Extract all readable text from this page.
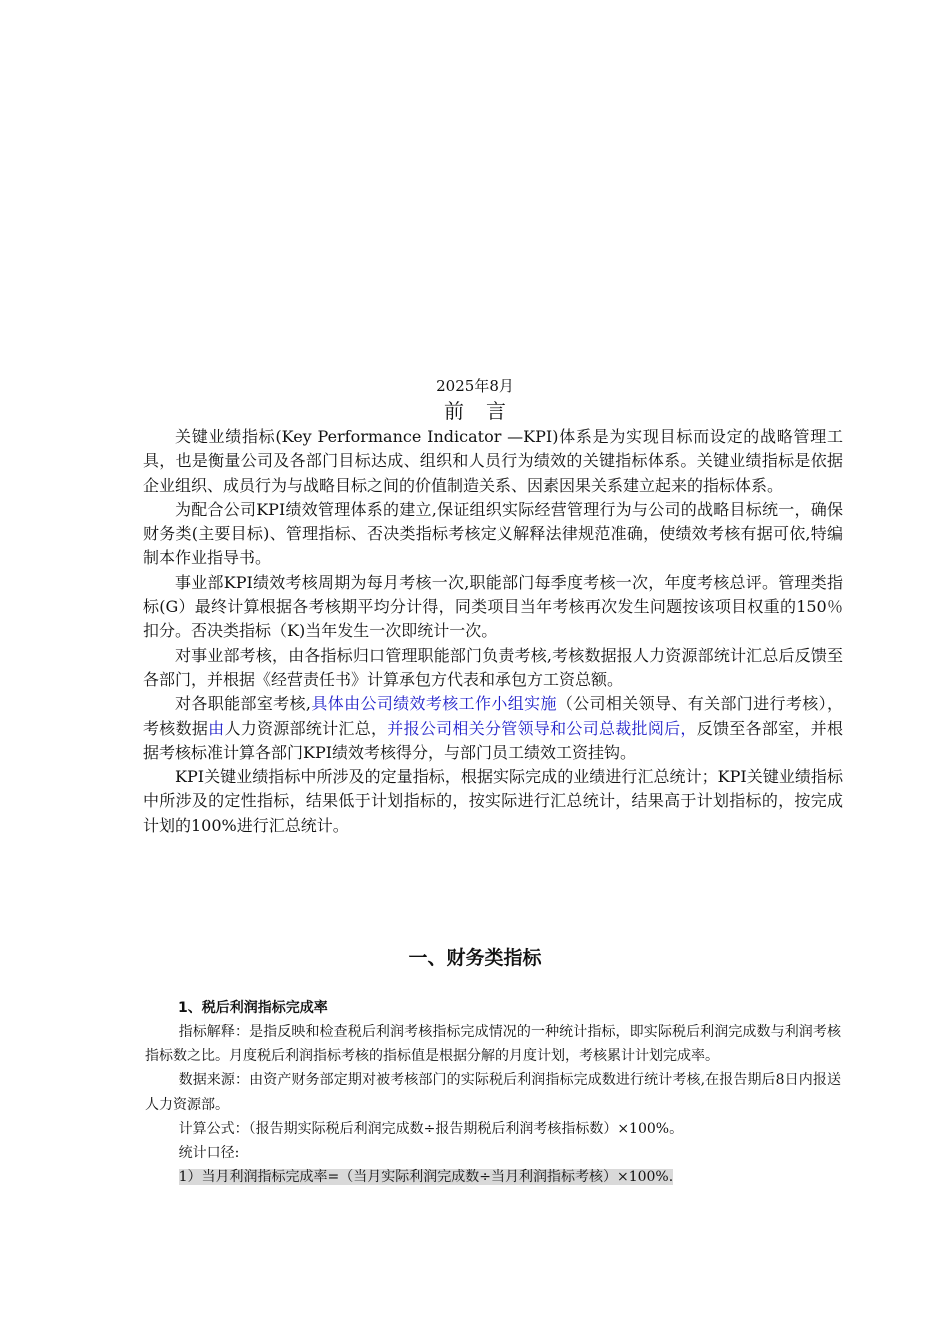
2025年8月
前言

关键业绩指标(Key Performance Indicator —KPI)体系是为实现目标而设定的战略管理工具，也是衡量公司及各部门目标达成、组织和人员行为绩效的关键指标体系。关键业绩指标是依据企业组织、成员行为与战略目标之间的价值制造关系、因素因果关系建立起来的指标体系。

为配合公司KPI绩效管理体系的建立,保证组织实际经营管理行为与公司的战略目标统一，确保财务类(主要目标)、管理指标、否决类指标考核定义解释法律规范准确，使绩效考核有据可依,特编制本作业指导书。

事业部KPI绩效考核周期为每月考核一次,职能部门每季度考核一次，年度考核总评。管理类指标(G）最终计算根据各考核期平均分计得，同类项目当年考核再次发生问题按该项目权重的150％扣分。否决类指标（K)当年发生一次即统计一次。

对事业部考核，由各指标归口管理职能部门负责考核,考核数据报人力资源部统计汇总后反馈至各部门，并根据《经营责任书》计算承包方代表和承包方工资总额。

对各职能部室考核,具体由公司绩效考核工作小组实施（公司相关领导、有关部门进行考核），考核数据由人力资源部统计汇总，并报公司相关分管领导和公司总裁批阅后，反馈至各部室，并根据考核标准计算各部门KPI绩效考核得分，与部门员工绩效工资挂钩。

KPI关键业绩指标中所涉及的定量指标，根据实际完成的业绩进行汇总统计；KPI关键业绩指标中所涉及的定性指标，结果低于计划指标的，按实际进行汇总统计，结果高于计划指标的，按完成计划的100%进行汇总统计。

一、财务类指标
1、税后利润指标完成率

指标解释：是指反映和检查税后利润考核指标完成情况的一种统计指标，即实际税后利润完成数与利润考核指标数之比。月度税后利润指标考核的指标值是根据分解的月度计划，考核累计计划完成率。

数据来源：由资产财务部定期对被考核部门的实际税后利润指标完成数进行统计考核,在报告期后8日内报送人力资源部。

计算公式：（报告期实际税后利润完成数÷报告期税后利润考核指标数）×100%。

统计口径:

1）当月利润指标完成率=（当月实际利润完成数÷当月利润指标考核）×100%.
